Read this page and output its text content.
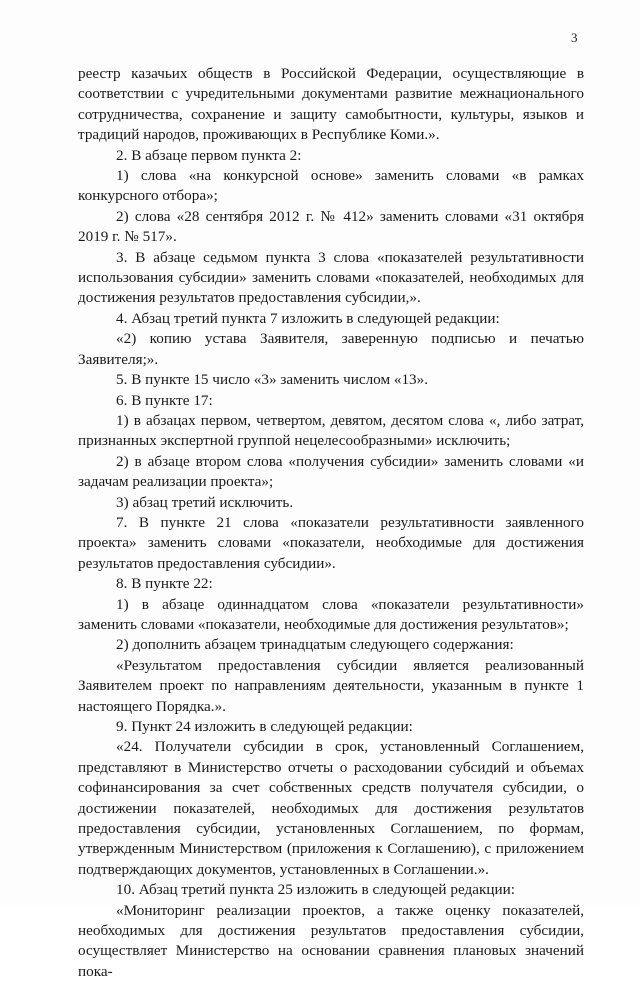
3

реестр казачьих обществ в Российской Федерации, осуществляющие в соответствии с учредительными документами развитие межнационального сотрудничества, сохранение и защиту самобытности, культуры, языков и традиций народов, проживающих в Республике Коми.».

2. В абзаце первом пункта 2:

1) слова «на конкурсной основе» заменить словами «в рамках конкурсного отбора»;

2) слова «28 сентября 2012 г. № 412» заменить словами «31 октября 2019 г. № 517».

3. В абзаце седьмом пункта 3 слова «показателей результативности использования субсидии» заменить словами «показателей, необходимых для достижения результатов предоставления субсидии,».

4. Абзац третий пункта 7 изложить в следующей редакции:

«2) копию устава Заявителя, заверенную подписью и печатью Заявителя;».

5. В пункте 15 число «3» заменить числом «13».

6. В пункте 17:

1) в абзацах первом, четвертом, девятом, десятом слова «, либо затрат, признанных экспертной группой нецелесообразными» исключить;

2) в абзаце втором слова «получения субсидии» заменить словами «и задачам реализации проекта»;

3) абзац третий исключить.

7. В пункте 21 слова «показатели результативности заявленного проекта» заменить словами «показатели, необходимые для достижения результатов предоставления субсидии».

8. В пункте 22:

1) в абзаце одиннадцатом слова «показатели результативности» заменить словами «показатели, необходимые для достижения результатов»;

2) дополнить абзацем тринадцатым следующего содержания:

«Результатом предоставления субсидии является реализованный Заявителем проект по направлениям деятельности, указанным в пункте 1 настоящего Порядка.».

9. Пункт 24 изложить в следующей редакции:

«24. Получатели субсидии в срок, установленный Соглашением, представляют в Министерство отчеты о расходовании субсидий и объемах софинансирования за счет собственных средств получателя субсидии, о достижении показателей, необходимых для достижения результатов предоставления субсидии, установленных Соглашением, по формам, утвержденным Министерством (приложения к Соглашению), с приложением подтверждающих документов, установленных в Соглашении.».

10. Абзац третий пункта 25 изложить в следующей редакции:

«Мониторинг реализации проектов, а также оценку показателей, необходимых для достижения результатов предоставления субсидии, осуществляет Министерство на основании сравнения плановых значений пока-
